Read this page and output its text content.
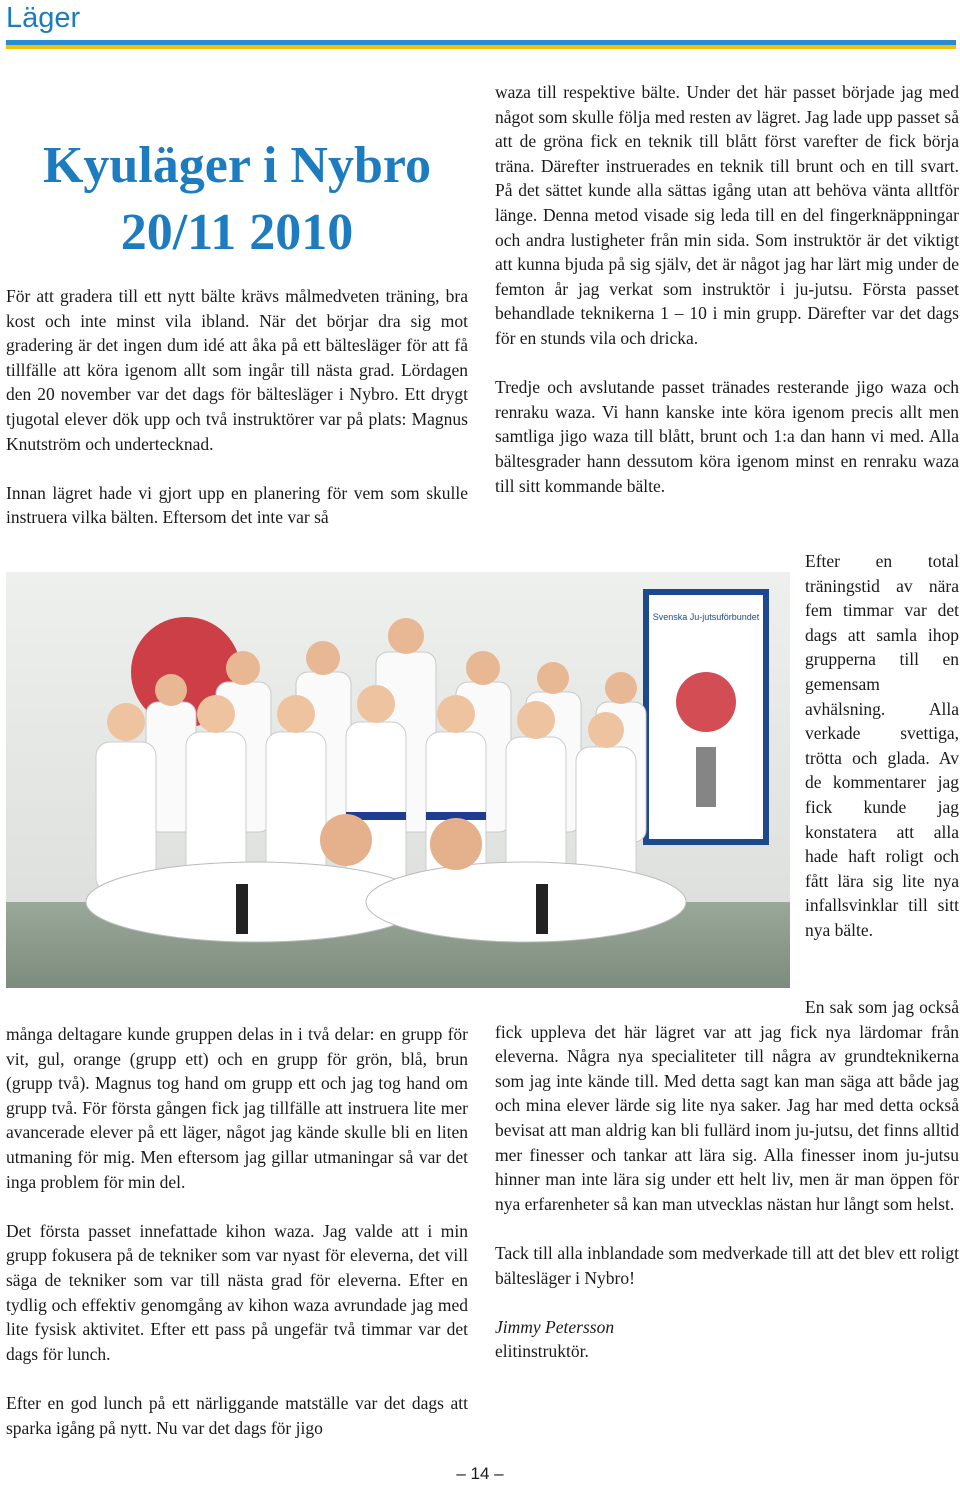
Läger
Kyuläger i Nybro
20/11 2010

För att gradera till ett nytt bälte krävs målmedveten träning, bra kost och inte minst vila ibland. När det börjar dra sig mot gradering är det ingen dum idé att åka på ett bältesläger för att få tillfälle att köra igenom allt som ingår till nästa grad. Lördagen den 20 november var det dags för bältesläger i Nybro. Ett drygt tjugotal elever dök upp och två instruktörer var på plats: Magnus Knutström och undertecknad.

Innan lägret hade vi gjort upp en planering för vem som skulle instruera vilka bälten. Eftersom det inte var så

waza till respektive bälte. Under det här passet började jag med något som skulle följa med resten av lägret. Jag lade upp passet så att de gröna fick en teknik till blått först varefter de fick börja träna. Därefter instruerades en teknik till brunt och en till svart. På det sättet kunde alla sättas igång utan att behöva vänta alltför länge. Denna metod visade sig leda till en del fingerknäppningar och andra lustigheter från min sida. Som instruktör är det viktigt att kunna bjuda på sig själv, det är något jag har lärt mig under de femton år jag verkat som instruktör i ju-jutsu. Första passet behandlade teknikerna 1 – 10 i min grupp. Därefter var det dags för en stunds vila och dricka.

Tredje och avslutande passet tränades resterande jigo waza och renraku waza. Vi hann kanske inte köra igenom precis allt men samtliga jigo waza till blått, brunt och 1:a dan hann vi med. Alla bältesgrader hann dessutom köra igenom minst en renraku waza till sitt kommande bälte.

Efter en total träningstid av nära fem timmar var det dags att samla ihop grupperna till en gemensam avhälsning. Alla verkade svettiga, trötta och glada. Av de kommentarer jag fick kunde jag konstatera att alla hade haft roligt och fått lära sig lite nya infallsvinklar till sitt nya bälte.

Svenska Ju-jutsuförbundet

många deltagare kunde gruppen delas in i två delar: en grupp för vit, gul, orange (grupp ett) och en grupp för grön, blå, brun (grupp två). Magnus tog hand om grupp ett och jag tog hand om grupp två. För första gången fick jag tillfälle att instruera lite mer avancerade elever på ett läger, något jag kände skulle bli en liten utmaning för mig. Men eftersom jag gillar utmaningar så var det inga problem för min del.

Det första passet innefattade kihon waza. Jag valde att i min grupp fokusera på de tekniker som var nyast för eleverna, det vill säga de tekniker som var till nästa grad för eleverna. Efter en tydlig och effektiv genomgång av kihon waza avrundade jag med lite fysisk aktivitet. Efter ett pass på ungefär två timmar var det dags för lunch.

Efter en god lunch på ett närliggande matställe var det dags att sparka igång på nytt. Nu var det dags för jigo

En sak som jag också fick uppleva det här lägret var att jag fick nya lärdomar från eleverna. Några nya specialiteter till några av grundteknikerna som jag inte kände till. Med detta sagt kan man säga att både jag och mina elever lärde sig lite nya saker. Jag har med detta också bevisat att man aldrig kan bli fullärd inom ju-jutsu, det finns alltid mer finesser och tankar att lära sig. Alla finesser inom ju-jutsu hinner man inte lära sig under ett helt liv, men är man öppen för nya erfarenheter så kan man utvecklas nästan hur långt som helst.

Tack till alla inblandade som medverkade till att det blev ett roligt bältesläger i Nybro!

Jimmy Petersson
elitinstruktör.

– 14 –
